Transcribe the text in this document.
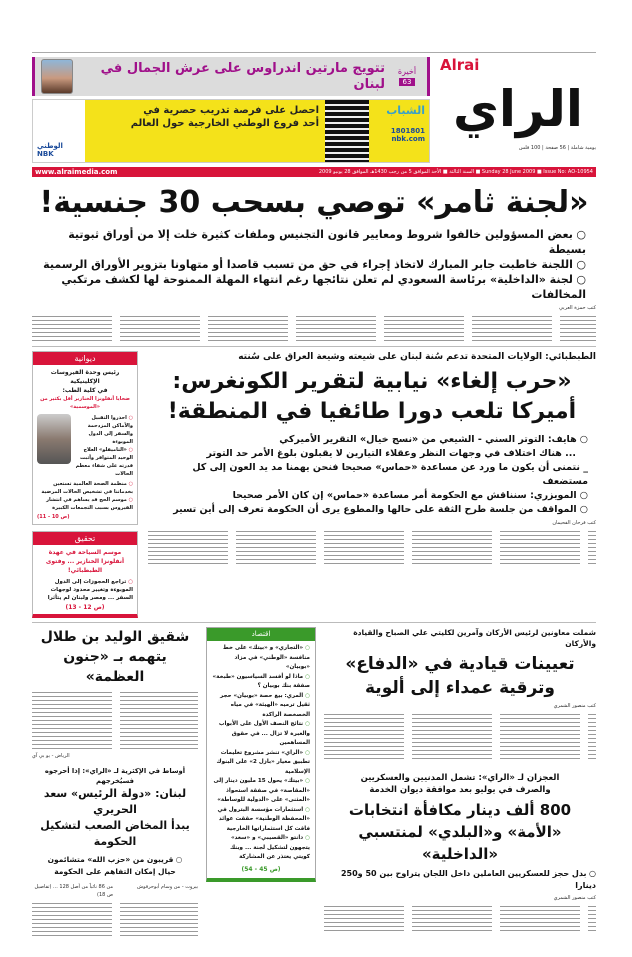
تتويج مارتين اندراوس على عرش الجمال في لبنان
أخيرة
63
الوطني NBK
احصل على فرصة تدريب حصرية في
أحد فروع الوطني الخارجية حول العالم
الشباب
1801801
nbk.com
Alrai
الراي
يومية شاملة | 56 صفحة | 100 فلس
www.alraimedia.com	Sunday 28 June 2009 ■ Issue No: AO-10954 ■ السنة الثالثة ■ الأحد الموافق 5 من رجب 1430هـ الموافق 28 يونيو 2009
«لجنة ثامر» توصي بسحب 30 جنسية!
○ بعض المسؤولين خالفوا شروط ومعايير قانون التجنيس وملفات كثيرة خلت إلا من أوراق ثبوتية بسيطة
○ اللجنة خاطبت جابر المبارك لاتخاذ إجراء في حق من تسبب قاصدا أو متهاونا بتزوير الأوراق الرسمية
○ لجنة «الداخلية» برئاسة السعودي لم تعلن نتائجها رغم انتهاء المهلة الممنوحة لها لكشف مرتكبي المخالفات
كتب حمزة العربي
ديوانية
رئيس وحدة الفيروسات الإكلينيكية
في كلية الطب:
ضحايا أنفلونزا الخنازير أقل بكثير من «الموسمية»
○ احذروا التقبيل والأماكن المزدحمة والسفر إلى الدول الموبوءة
○ «التاميفلو» العلاج الوحيد المتوافر وأثبت قدرته على شفاء معظم الحالات
○ منظمة الصحة العالمية تستعين بخدماتنا في تشخيص الحالات المرضية
○ موسم الحج قد يساهم في انتشار الفيروس بسبب التجمعات الكبيرة
(ص 10 - 11)
تحقيق
موسم السياحة في عهدة أنفلونزا الخنازير ... وفتوى الطبطبائي!
○ تراجع الحجوزات إلى الدول الموبوءة وتغيير محدود لوجهات السفر ... ومصر ولبنان لم يتأثرا
(ص 12 - 13)
الطبطبائي: الولايات المتحدة تدعم سُنة لبنان على شيعته وشيعة العراق على سُنته
«حرب إلغاء» نيابية لتقرير الكونغرس:
أميركا تلعب دورا طائفيا في المنطقة!
○ هايف: التوتر السني - الشيعي من «نسج خيال» التقرير الأميركي
... هناك اختلاف في وجهات النظر وعقلاء التيارين لا يقبلون بلوغ الأمر حد التوتر
_ نتمنى أن يكون ما ورد عن مساعدة «حماس» صحيحا فنحن يهمنا مد يد العون إلى كل مستضعف
○ المويزري: سنناقش مع الحكومة أمر مساعدة «حماس» إن كان الأمر صحيحا
○ المواقف من جلسة طرح الثقة على حالها والمطوع يرى أن الحكومة تعرف إلى أين تسير
كتب فرحان الفحيمان
شقيق الوليد بن طلال
يتهمه بـ «جنون العظمة»
الرياض - يو بي آي
أوساط في الإكثرية لـ «الراي»: إذا أحرجوه فسيُخرجهم
لبنان: «دولة الرئيس» سعد الحريري
يبدأ المخاض الصعب لتشكيل الحكومة
○ قريبون من «حزب الله» متشائمون
حيال إمكان التفاهم على الحكومة
من 86 نائباً من أصل 128 ... (تفاصيل ص 18)
بيروت - من وسام أبوحرفوش
اقتصاد
○ «التجاري» و «بيتك» على خط منافسة «الوطني» في مزاد «بوبيان»
○ ماذا لو أفسد السياسيون «طبخة» صفقة بنك بوبيان ؟
○ المري: بيع حصة «بوبيان» حجر ثقيل ترميه «الهيئة» في مياه الخصخصة الراكدة
○ نتائج النصف الأول على الأبواب والعبرة لا تزال ... في حقوق المساهمين
○ «الراي» تنشر مشروع تعليمات تطبيق معيار «بازل 2» على البنوك الإسلامية
○ «بيتك» يحول 15 مليون دينار إلى «المقاصة» في صفقة استحواذ «المثنى» على «الدولية للوساطة»
○ استثمارات مؤسسة البترول في «المحفظة الوطنية» حققت عوائد فاقت كل استثماراتها الخارجية
○ دانتو «القصيبي» و «سعد» يتجهون لتشكيل لجنة ... وبنك كويتي يعتذر عن المشاركة
(ص 45 - 54)
شملت معاونين لرئيس الأركان وآمرين لكليتي علي الصباح والقيادة والأركان
تعيينات قيادية في «الدفاع»
وترقية عمداء إلى ألوية
كتب منصور الشمري
العجزان لـ «الراي»: تشمل المدنيين والعسكريين
والصرف في يوليو بعد موافقة ديوان الخدمة
800 ألف دينار مكافأة انتخابات
«الأمة» و«البلدي» لمنتسبي «الداخلية»
○ بدل حجز للعسكريين العاملين داخل اللجان يتراوح بين 50 و250 دينارا
كتب منصور الشمري
